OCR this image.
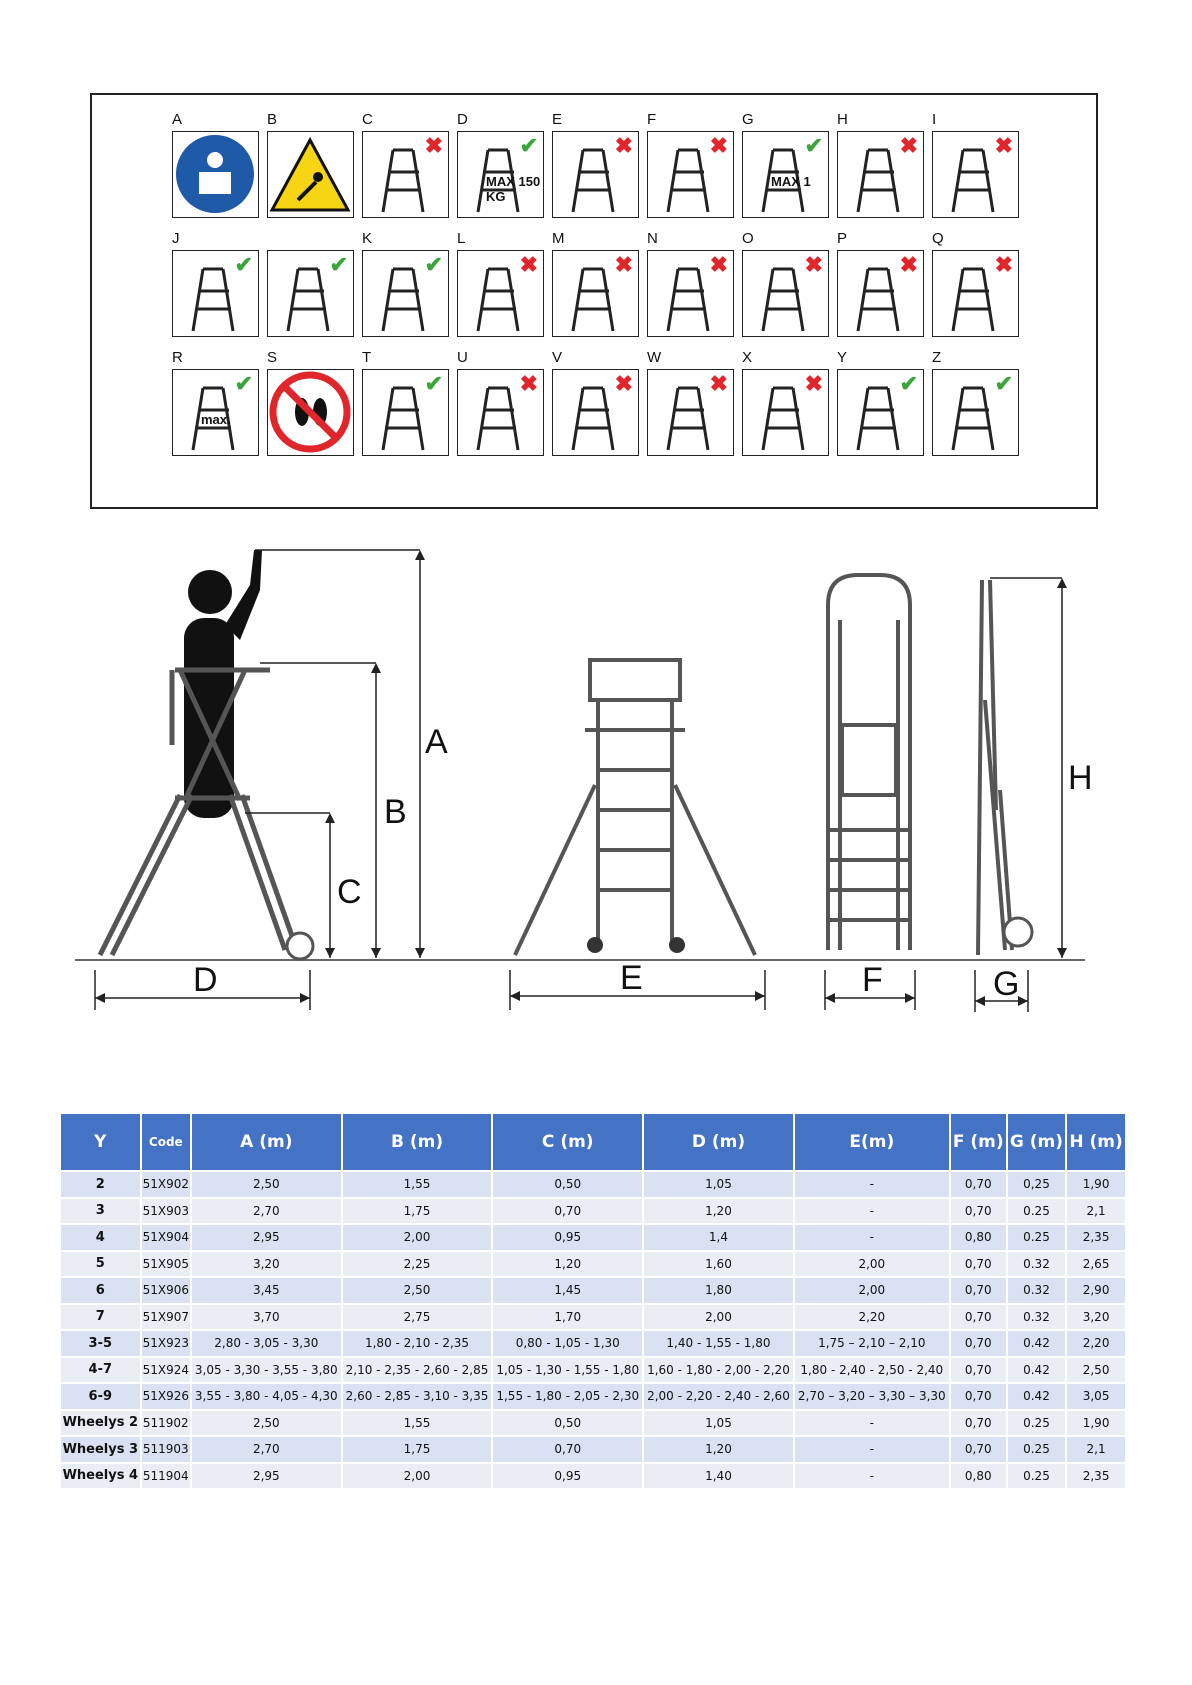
A	B	C
✖
D
MAX 150 KG
✔
E
✖
F
✖
G
MAX 1
✔
H
✖
I
✖
J
✔	✔
K
✔
L
✖
M
✖
N
✖
O
✖
P
✖
Q
✖
R
max.
✔
S	T
✔
U
✖
V
✖
W
✖
X
✖
Y
✔
Z
✔
A
B
C
D	E	F	G
H
Y	Code	A (m)	B (m)	C (m)	D (m)	E(m)	F (m)	G (m)	H (m)
2	51X902	2,50	1,55	0,50	1,05	-	0,70	0,25	1,90
3	51X903	2,70	1,75	0,70	1,20	-	0,70	0.25	2,1
4	51X904	2,95	2,00	0,95	1,4	-	0,80	0.25	2,35
5	51X905	3,20	2,25	1,20	1,60	2,00	0,70	0.32	2,65
6	51X906	3,45	2,50	1,45	1,80	2,00	0,70	0.32	2,90
7	51X907	3,70	2,75	1,70	2,00	2,20	0,70	0.32	3,20
3-5	51X923	2,80 - 3,05 - 3,30	1,80 - 2,10 - 2,35	0,80 - 1,05 - 1,30	1,40 - 1,55 - 1,80	1,75 – 2,10 – 2,10	0,70	0.42	2,20
4-7	51X924	3,05 - 3,30 - 3,55 - 3,80	2,10 - 2,35 - 2,60 - 2,85	1,05 - 1,30 - 1,55 - 1,80	1,60 - 1,80 - 2,00 - 2,20	1,80 - 2,40 - 2,50 - 2,40	0,70	0.42	2,50
6-9	51X926	3,55 - 3,80 - 4,05 - 4,30	2,60 - 2,85 - 3,10 - 3,35	1,55 - 1,80 - 2,05 - 2,30	2,00 - 2,20 - 2,40 - 2,60	2,70 – 3,20 – 3,30 – 3,30	0,70	0.42	3,05
Wheelys 2	511902	2,50	1,55	0,50	1,05	-	0,70	0.25	1,90
Wheelys 3	511903	2,70	1,75	0,70	1,20	-	0,70	0.25	2,1
Wheelys 4	511904	2,95	2,00	0,95	1,40	-	0,80	0.25	2,35
